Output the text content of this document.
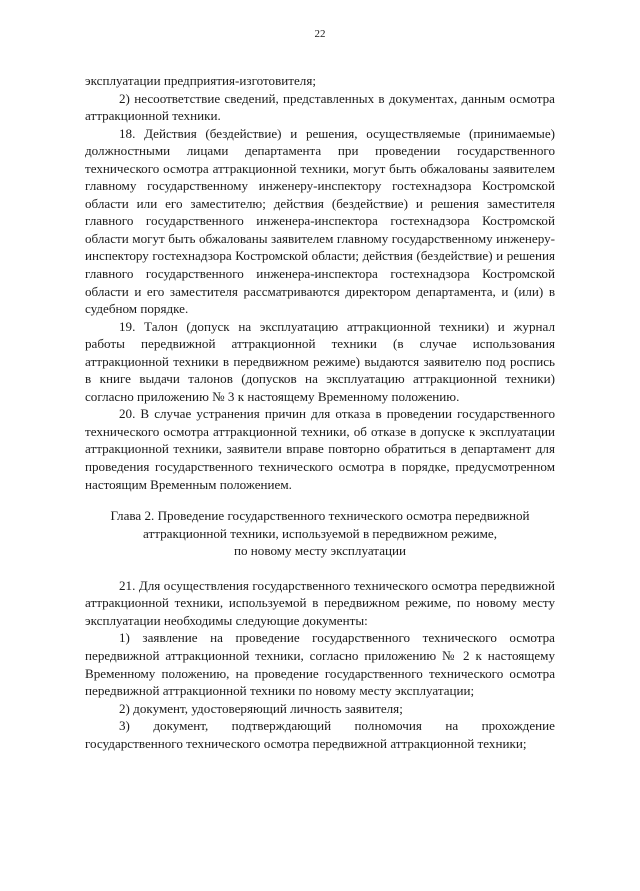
22

эксплуатации предприятия-изготовителя;

2) несоответствие сведений, представленных в документах, данным осмотра аттракционной техники.

18. Действия (бездействие) и решения, осуществляемые (принимаемые) должностными лицами департамента при проведении государственного технического осмотра аттракционной техники, могут быть обжалованы заявителем главному государственному инженеру-инспектору гостехнадзора Костромской области или его заместителю; действия (бездействие) и решения заместителя главного государственного инженера-инспектора гостехнадзора Костромской области могут быть обжалованы заявителем главному государственному инженеру-инспектору гостехнадзора Костромской области; действия (бездействие) и решения главного государственного инженера-инспектора гостехнадзора Костромской области и его заместителя рассматриваются директором департамента, и (или) в судебном порядке.

19. Талон (допуск на эксплуатацию аттракционной техники) и журнал работы передвижной аттракционной техники (в случае использования аттракционной техники в передвижном режиме) выдаются заявителю под роспись в книге выдачи талонов (допусков на эксплуатацию аттракционной техники) согласно приложению № 3 к настоящему Временному положению.

20. В случае устранения причин для отказа в проведении государственного технического осмотра аттракционной техники, об отказе в допуске к эксплуатации аттракционной техники, заявители вправе повторно обратиться в департамент для проведения государственного технического осмотра в порядке, предусмотренном настоящим Временным положением.

Глава 2. Проведение государственного технического осмотра передвижной
аттракционной техники, используемой в передвижном режиме,
по новому месту эксплуатации

21. Для осуществления государственного технического осмотра передвижной аттракционной техники, используемой в передвижном режиме, по новому месту эксплуатации необходимы следующие документы:

1) заявление на проведение государственного технического осмотра передвижной аттракционной техники, согласно приложению № 2 к настоящему Временному положению, на проведение государственного технического осмотра передвижной аттракционной техники по новому месту эксплуатации;

2) документ, удостоверяющий личность заявителя;

3) документ, подтверждающий полномочия на прохождение государственного технического осмотра передвижной аттракционной техники;
